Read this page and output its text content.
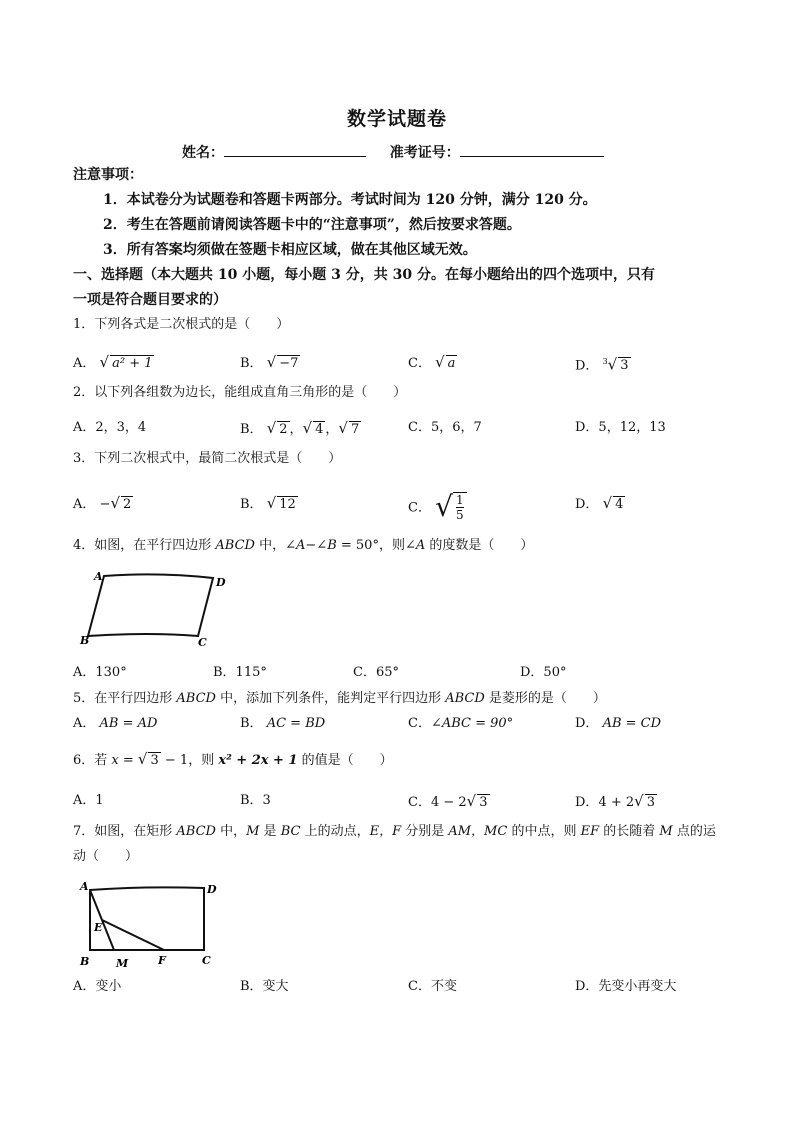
数学试题卷
姓名：	准考证号：
注意事项：
1．本试卷分为试题卷和答题卡两部分。考试时间为 120 分钟，满分 120 分。
2．考生在答题前请阅读答题卡中的“注意事项”，然后按要求答题。
3．所有答案均须做在签题卡相应区域，做在其他区域无效。
一、选择题（本大题共 10 小题，每小题 3 分，共 30 分。在每小题给出的四个选项中，只有
一项是符合题目要求的）
1．下列各式是二次根式的是（　　）
A． √ a² + 1	B． √ −7	C． √ a	D． $^3$√ 3
2．以下列各组数为边长，能组成直角三角形的是（　　）
A．2，3，4	B． √ 2 ，√ 4 ，√ 7	C．5，6，7	D．5，12，13
3．下列二次根式中，最简二次根式是（　　）
A． −√ 2	B． √ 12	C． √ $\frac{1}{5}$	D． √ 4
4．如图，在平行四边形 ABCD 中，∠A−∠B = 50°，则∠A 的度数是（　　）
A	D
B	C
A．130°	B．115°	C．65°	D．50°
5．在平行四边形 ABCD 中，添加下列条件，能判定平行四边形 ABCD 是菱形的是（　　）
A． AB = AD	B． AC = BD	C．∠ABC = 90°	D． AB = CD
6．若 x = √ 3 − 1，则 x² + 2x + 1 的值是（　　）
A．1	B．3	C．4 − 2√ 3	D．4 + 2√ 3
7．如图，在矩形 ABCD 中，M 是 BC 上的动点，E，F 分别是 AM，MC 的中点，则 EF 的长随着 M 点的运
动（　　）
A	D
E
B M	F	C
A．变小	B．变大	C．不变	D．先变小再变大
